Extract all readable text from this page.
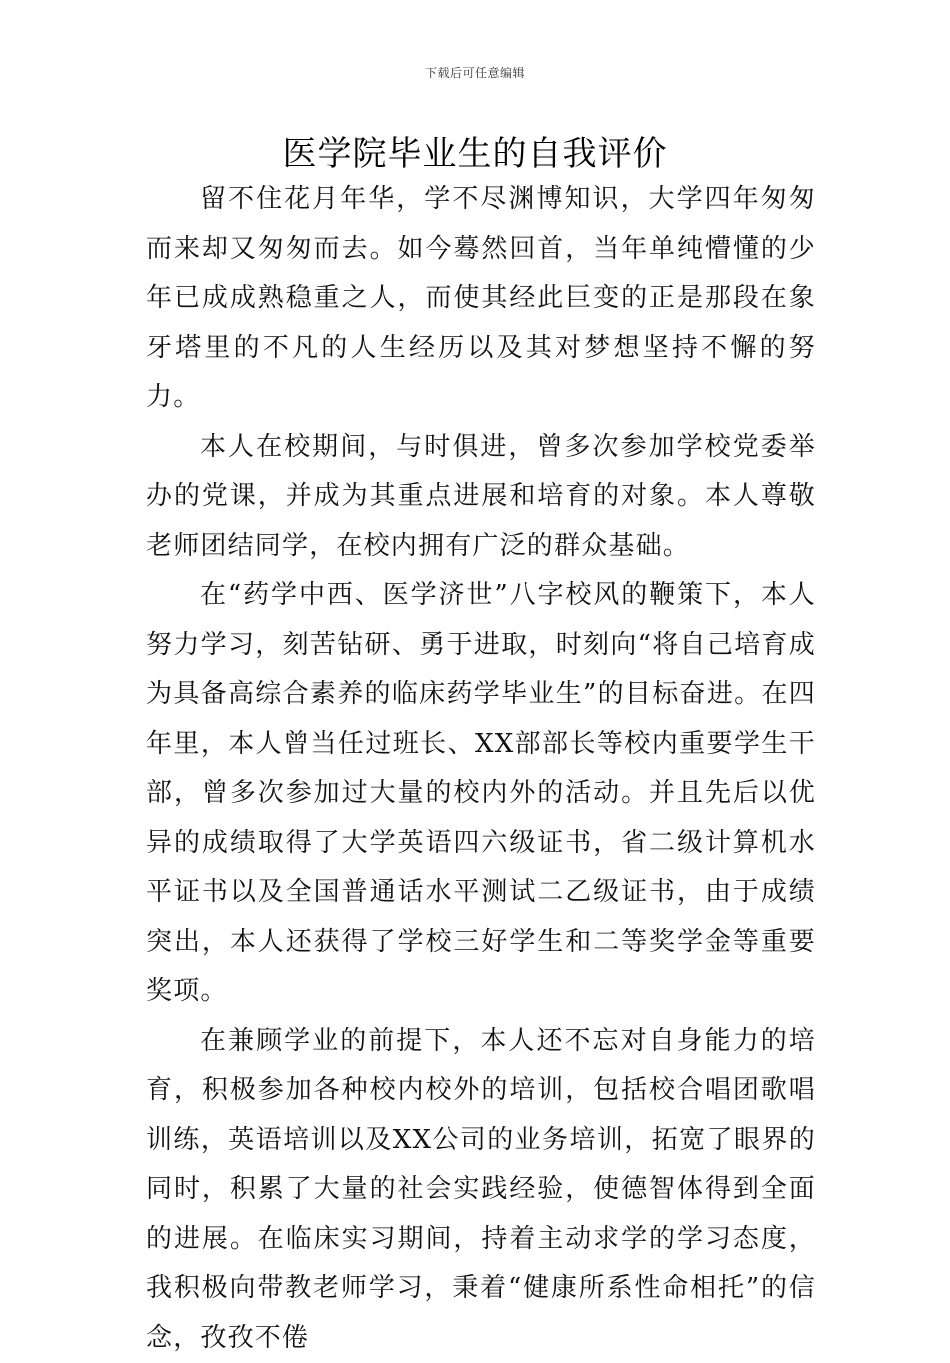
下载后可任意编辑
医学院毕业生的自我评价

留不住花月年华，学不尽渊博知识，大学四年匆匆而来却又匆匆而去。如今蓦然回首，当年单纯懵懂的少年已成成熟稳重之人，而使其经此巨变的正是那段在象牙塔里的不凡的人生经历以及其对梦想坚持不懈的努力。

本人在校期间，与时俱进，曾多次参加学校党委举办的党课，并成为其重点进展和培育的对象。本人尊敬老师团结同学，在校内拥有广泛的群众基础。

在“药学中西、医学济世”八字校风的鞭策下，本人努力学习，刻苦钻研、勇于进取，时刻向“将自己培育成为具备高综合素养的临床药学毕业生”的目标奋进。在四年里，本人曾当任过班长、XX部部长等校内重要学生干部，曾多次参加过大量的校内外的活动。并且先后以优异的成绩取得了大学英语四六级证书，省二级计算机水平证书以及全国普通话水平测试二乙级证书，由于成绩突出，本人还获得了学校三好学生和二等奖学金等重要奖项。

在兼顾学业的前提下，本人还不忘对自身能力的培育，积极参加各种校内校外的培训，包括校合唱团歌唱训练，英语培训以及XX公司的业务培训，拓宽了眼界的同时，积累了大量的社会实践经验，使德智体得到全面的进展。在临床实习期间，持着主动求学的学习态度，我积极向带教老师学习，秉着“健康所系性命相托”的信念，孜孜不倦
